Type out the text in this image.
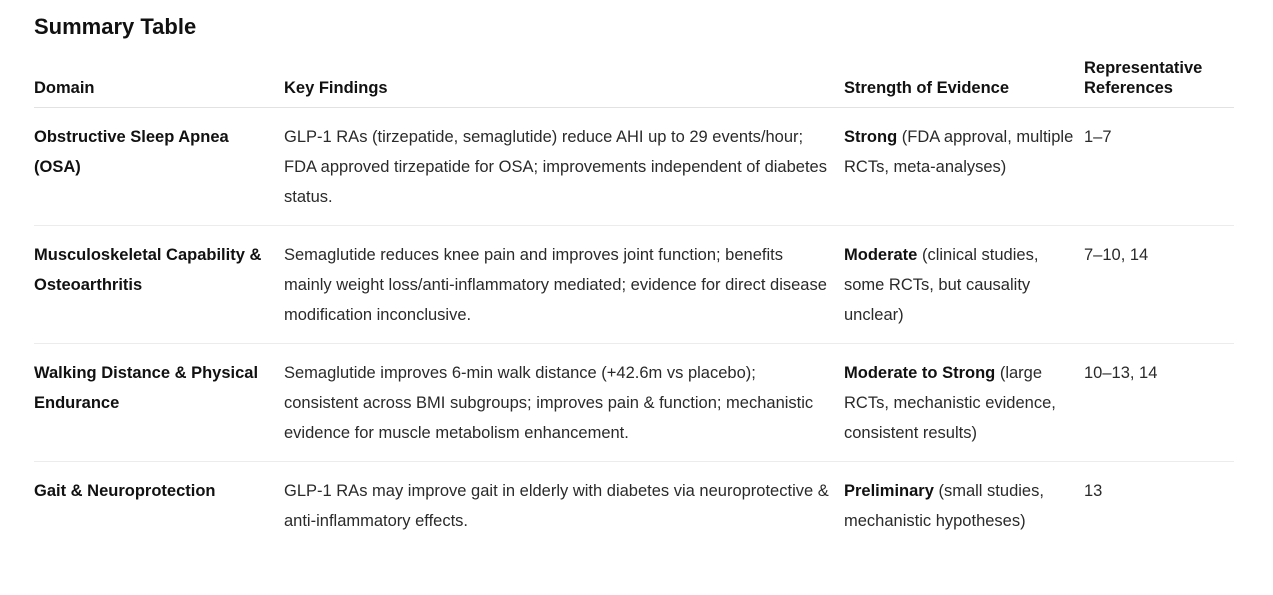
Summary Table
Domain	Key Findings	Strength of Evidence	Representative References
Obstructive Sleep Apnea (OSA)	GLP-1 RAs (tirzepatide, semaglutide) reduce AHI up to 29 events/hour; FDA approved tirzepatide for OSA; improvements independent of diabetes status.	Strong (FDA approval, multiple RCTs, meta-analyses)	1–7
Musculoskeletal Capability & Osteoarthritis	Semaglutide reduces knee pain and improves joint function; benefits mainly weight loss/anti-inflammatory mediated; evidence for direct disease modification inconclusive.	Moderate (clinical studies, some RCTs, but causality unclear)	7–10, 14
Walking Distance & Physical Endurance	Semaglutide improves 6-min walk distance (+42.6m vs placebo); consistent across BMI subgroups; improves pain & function; mechanistic evidence for muscle metabolism enhancement.	Moderate to Strong (large RCTs, mechanistic evidence, consistent results)	10–13, 14
Gait & Neuroprotection	GLP-1 RAs may improve gait in elderly with diabetes via neuroprotective & anti-inflammatory effects.	Preliminary (small studies, mechanistic hypotheses)	13
